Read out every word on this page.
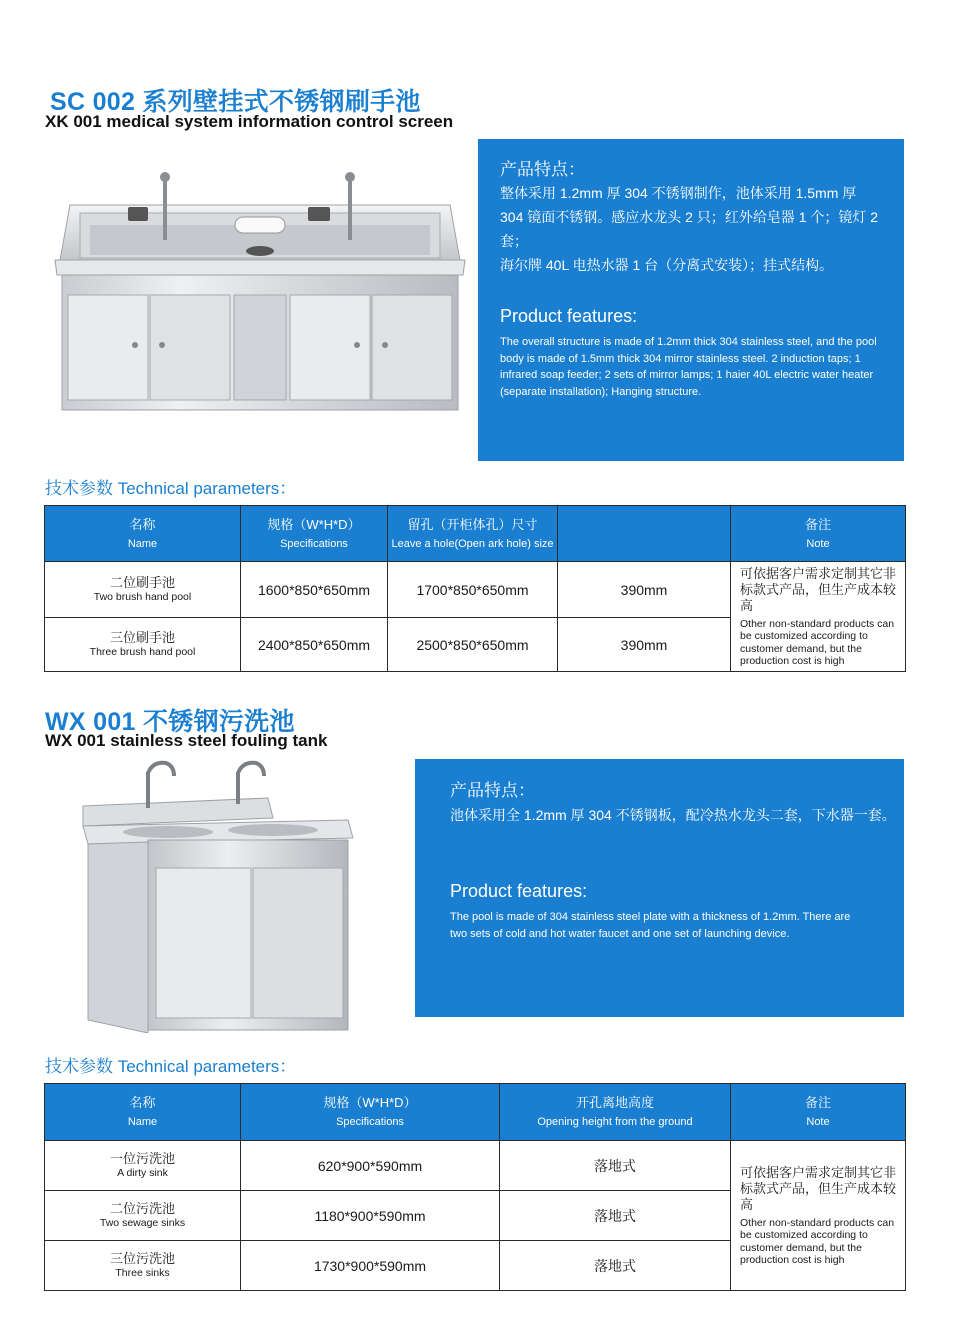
SC 002 系列壁挂式不锈钢刷手池
XK 001 medical system information control screen
产品特点：
整体采用 1.2mm 厚 304 不锈钢制作，池体采用 1.5mm 厚
304 镜面不锈钢。感应水龙头 2 只；红外给皂器 1 个；镜灯 2 套；
海尔牌 40L 电热水器 1 台（分离式安装）；挂式结构。
Product features:
The overall structure is made of 1.2mm thick 304 stainless steel, and the pool
body is made of 1.5mm thick 304 mirror stainless steel. 2 induction taps; 1
infrared soap feeder; 2 sets of mirror lamps; 1 haier 40L electric water heater
(separate installation); Hanging structure.
技术参数 Technical parameters：
名称
Name	规格（W*H*D）
Specifications	留孔（开柜体孔）尺寸
Leave a hole(Open ark hole) size		备注
Note

二位刷手池
Two brush hand pool	1600*850*650mm	1700*850*650mm	390mm	可依据客户需求定制其它非标款式产品，但生产成本较高
Other non-standard products can be customized according to customer demand, but the production cost is high

三位刷手池
Three brush hand pool	2400*850*650mm	2500*850*650mm	390mm	
WX 001 不锈钢污洗池
WX 001 stainless steel fouling tank
产品特点：
池体采用全 1.2mm 厚 304 不锈钢板，配冷热水龙头二套，下水器一套。
Product features:
The pool is made of 304 stainless steel plate with a thickness of 1.2mm. There are
two sets of cold and hot water faucet and one set of launching device.
技术参数 Technical parameters：
名称
Name	规格（W*H*D）
Specifications	开孔离地高度
Opening height from the ground	备注
Note

一位污洗池
A dirty sink	620*900*590mm	落地式	可依据客户需求定制其它非标款式产品，但生产成本较高
Other non-standard products can be customized according to customer demand, but the production cost is high

二位污洗池
Two sewage sinks	1180*900*590mm	落地式	

三位污洗池
Three sinks	1730*900*590mm	落地式	
